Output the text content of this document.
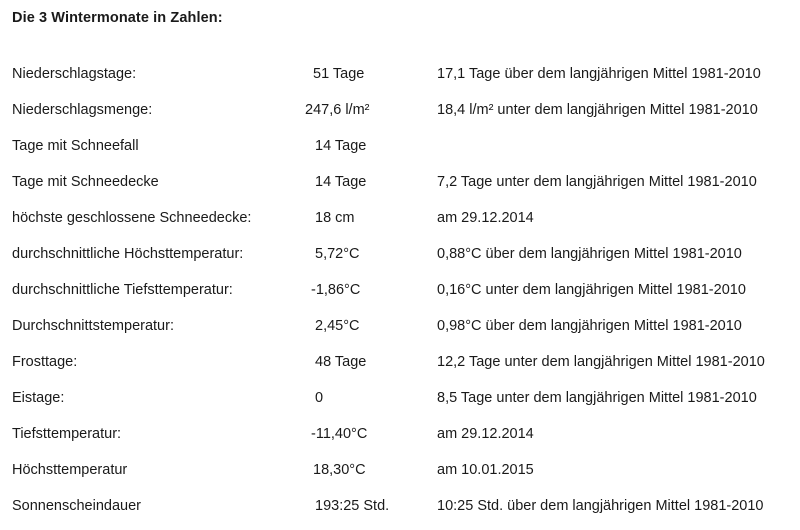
Die 3 Wintermonate in Zahlen:
Niederschlagstage:	51 Tage	17,1 Tage über dem langjährigen Mittel 1981-2010
Niederschlagsmenge:	247,6 l/m²	18,4 l/m² unter dem langjährigen Mittel 1981-2010
Tage mit Schneefall	14 Tage
Tage mit Schneedecke	14 Tage	7,2 Tage unter dem langjährigen Mittel 1981-2010
höchste geschlossene Schneedecke:	18 cm	am 29.12.2014
durchschnittliche Höchsttemperatur:	5,72°C	0,88°C über dem langjährigen Mittel 1981-2010
durchschnittliche Tiefsttemperatur:	-1,86°C	0,16°C unter dem langjährigen Mittel 1981-2010
Durchschnittstemperatur:	2,45°C	0,98°C über dem langjährigen Mittel 1981-2010
Frosttage:	48 Tage	12,2 Tage unter dem langjährigen Mittel 1981-2010
Eistage:	0	8,5 Tage unter dem langjährigen Mittel 1981-2010
Tiefsttemperatur:	-11,40°C	am 29.12.2014
Höchsttemperatur	18,30°C	am 10.01.2015
Sonnenscheindauer	193:25 Std.	10:25 Std. über dem langjährigen Mittel 1981-2010
